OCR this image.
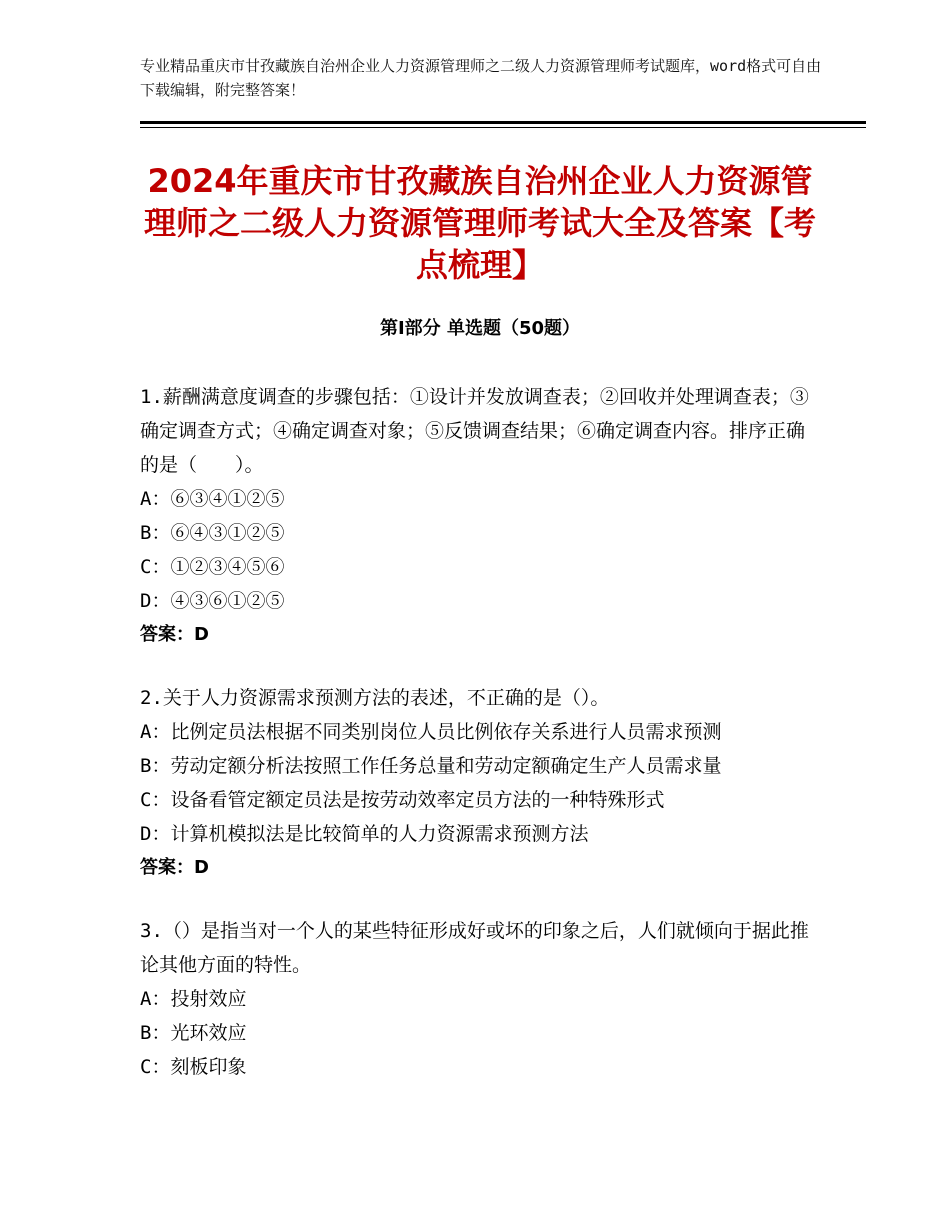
专业精品重庆市甘孜藏族自治州企业人力资源管理师之二级人力资源管理师考试题库，word格式可自由下载编辑，附完整答案！
2024年重庆市甘孜藏族自治州企业人力资源管理师之二级人力资源管理师考试大全及答案【考点梳理】
第Ⅰ部分 单选题（50题）

1.薪酬满意度调查的步骤包括：①设计并发放调查表；②回收并处理调查表；③确定调查方式；④确定调查对象；⑤反馈调查结果；⑥确定调查内容。排序正确的是（　　）。

A：⑥③④①②⑤

B：⑥④③①②⑤

C：①②③④⑤⑥

D：④③⑥①②⑤

答案：D

2.关于人力资源需求预测方法的表述，不正确的是（）。

A：比例定员法根据不同类别岗位人员比例依存关系进行人员需求预测

B：劳动定额分析法按照工作任务总量和劳动定额确定生产人员需求量

C：设备看管定额定员法是按劳动效率定员方法的一种特殊形式

D：计算机模拟法是比较简单的人力资源需求预测方法

答案：D

3.（）是指当对一个人的某些特征形成好或坏的印象之后，人们就倾向于据此推论其他方面的特性。

A：投射效应

B：光环效应

C：刻板印象
